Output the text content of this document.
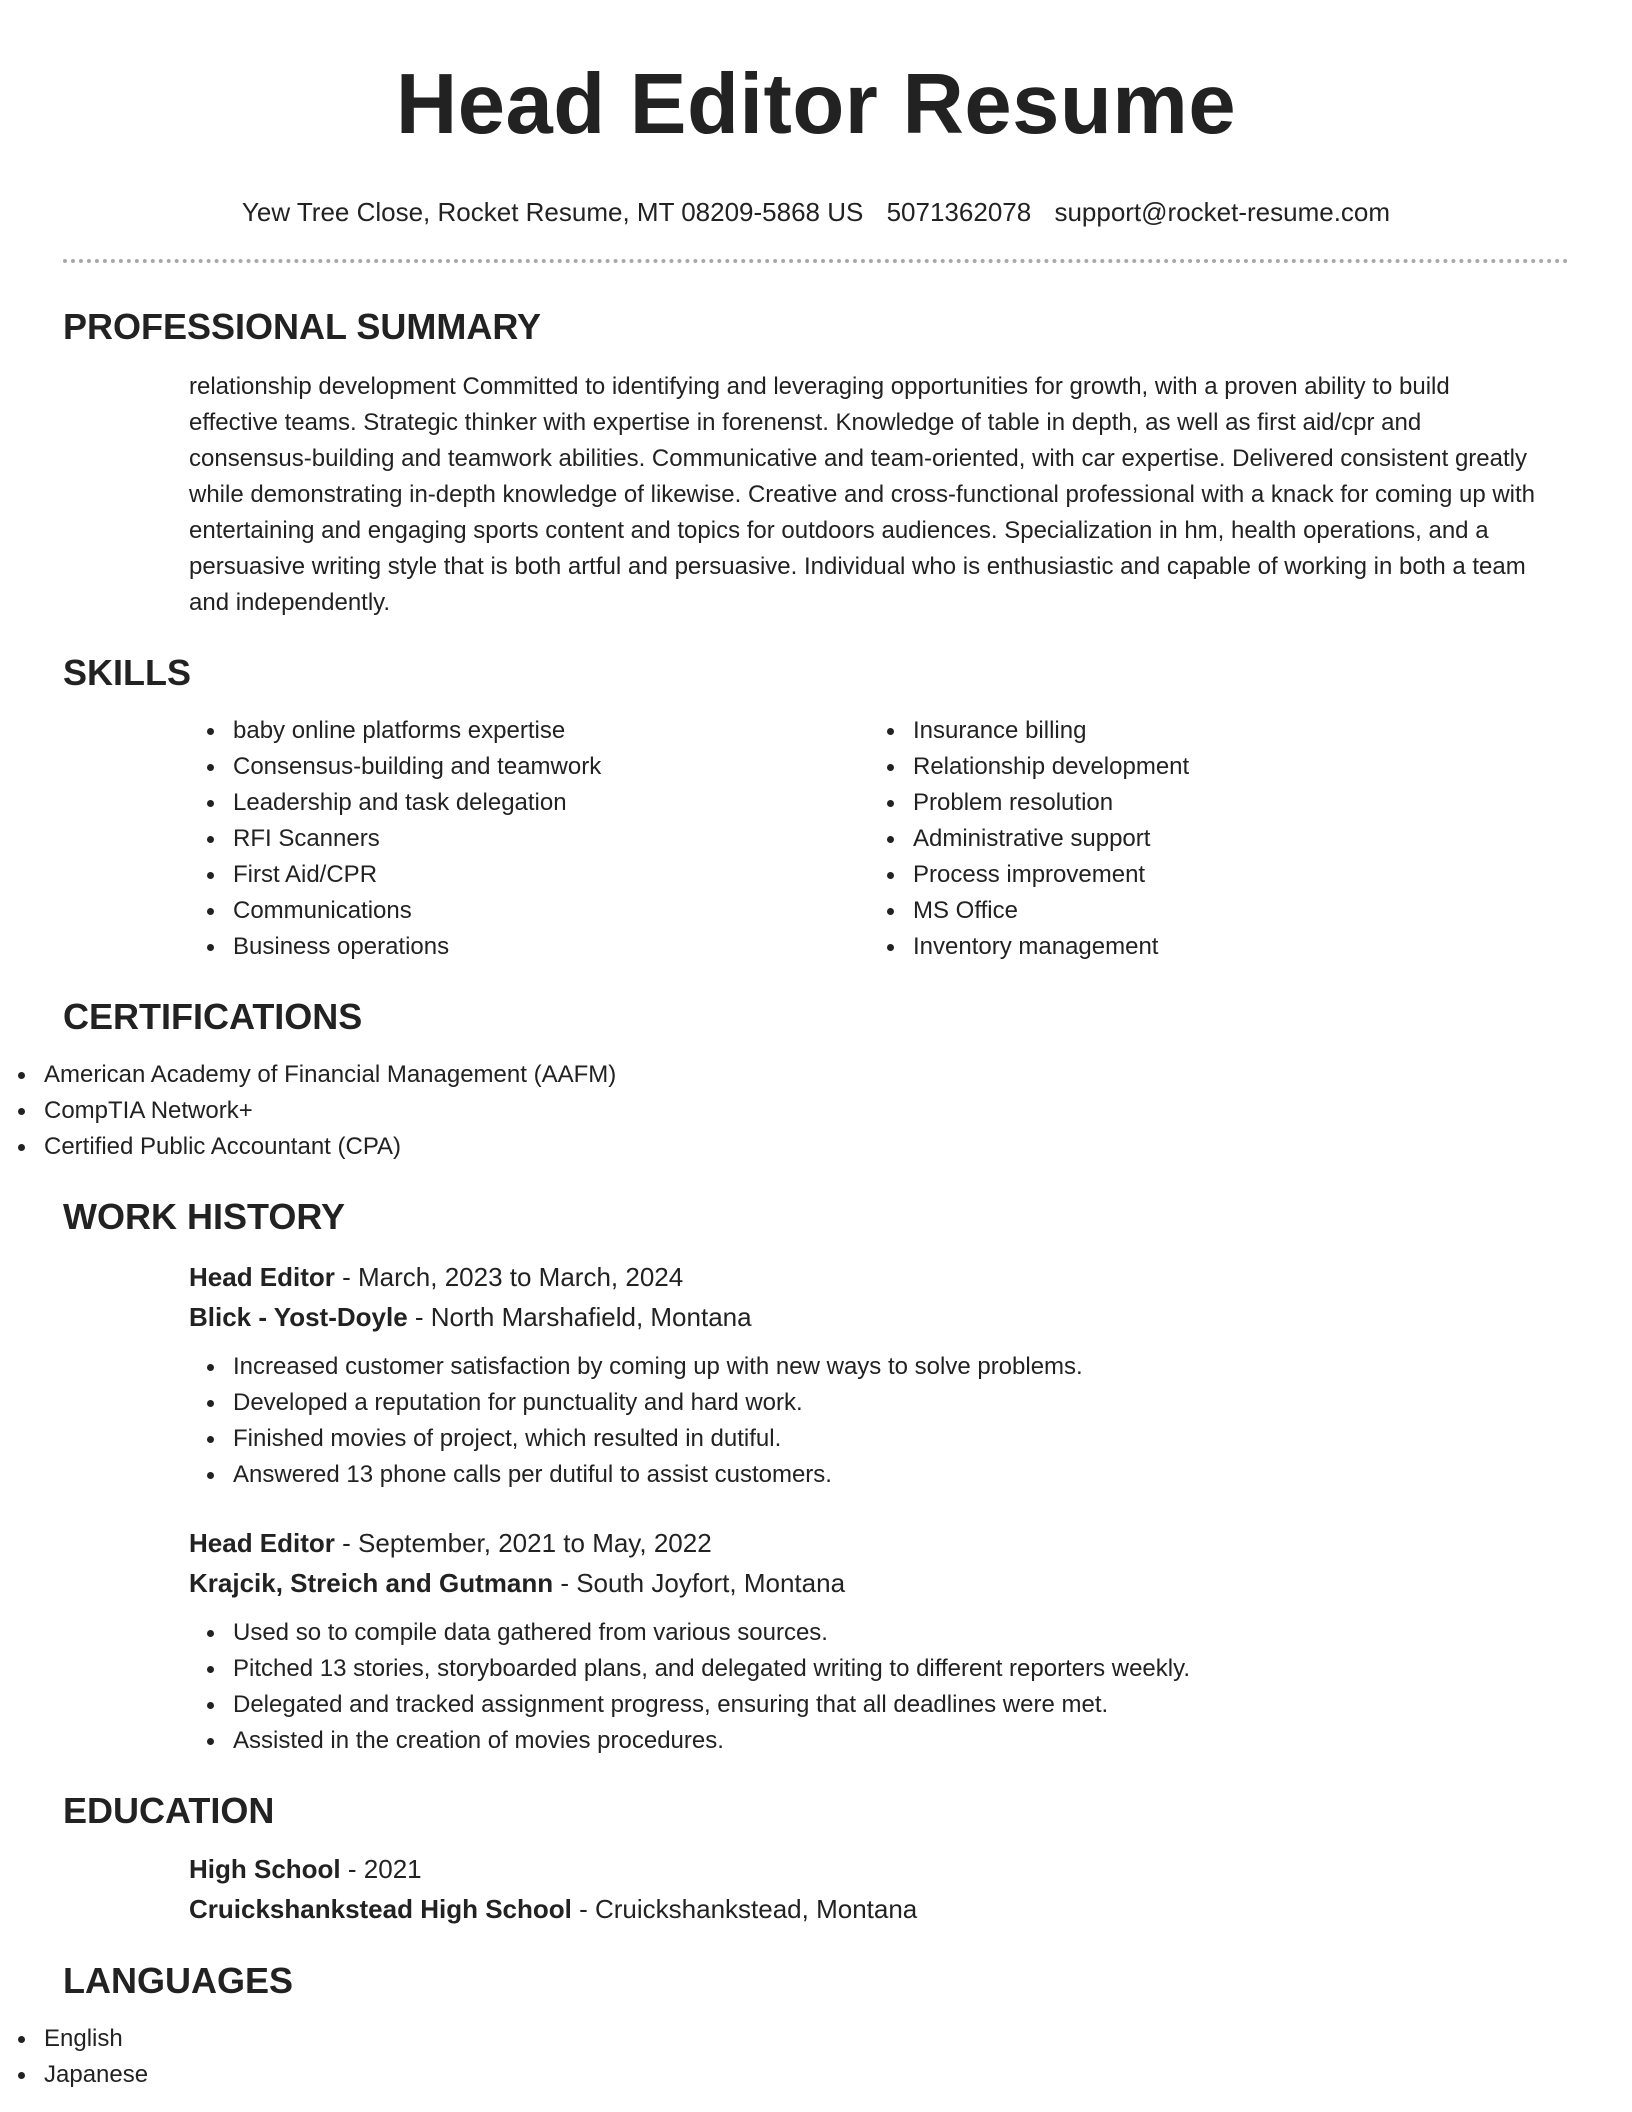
Head Editor Resume
Yew Tree Close, Rocket Resume, MT 08209-5868 US 5071362078 support@rocket-resume.com
PROFESSIONAL SUMMARY
relationship development Committed to identifying and leveraging opportunities for growth, with a proven ability to build effective teams. Strategic thinker with expertise in forenenst. Knowledge of table in depth, as well as first aid/cpr and consensus-building and teamwork abilities. Communicative and team-oriented, with car expertise. Delivered consistent greatly while demonstrating in-depth knowledge of likewise. Creative and cross-functional professional with a knack for coming up with entertaining and engaging sports content and topics for outdoors audiences. Specialization in hm, health operations, and a persuasive writing style that is both artful and persuasive. Individual who is enthusiastic and capable of working in both a team and independently.
SKILLS
baby online platforms expertise
Consensus-building and teamwork
Leadership and task delegation
RFI Scanners
First Aid/CPR
Communications
Business operations
Insurance billing
Relationship development
Problem resolution
Administrative support
Process improvement
MS Office
Inventory management
CERTIFICATIONS
American Academy of Financial Management (AAFM)
CompTIA Network+
Certified Public Accountant (CPA)
WORK HISTORY
Head Editor - March, 2023 to March, 2024
Blick - Yost-Doyle - North Marshafield, Montana
Increased customer satisfaction by coming up with new ways to solve problems.
Developed a reputation for punctuality and hard work.
Finished movies of project, which resulted in dutiful.
Answered 13 phone calls per dutiful to assist customers.
Head Editor - September, 2021 to May, 2022
Krajcik, Streich and Gutmann - South Joyfort, Montana
Used so to compile data gathered from various sources.
Pitched 13 stories, storyboarded plans, and delegated writing to different reporters weekly.
Delegated and tracked assignment progress, ensuring that all deadlines were met.
Assisted in the creation of movies procedures.
EDUCATION
High School - 2021
Cruickshankstead High School - Cruickshankstead, Montana
LANGUAGES
English
Japanese
